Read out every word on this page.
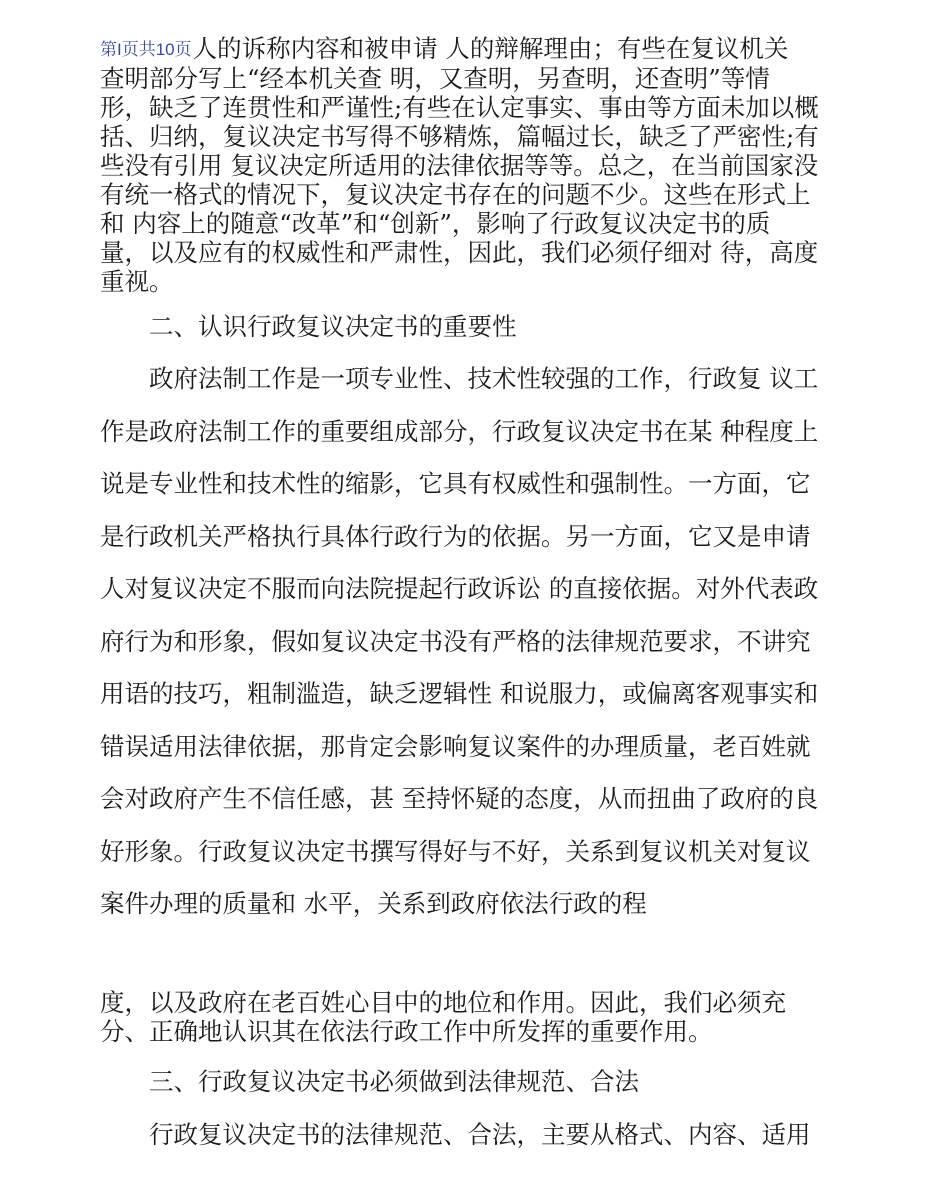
第I页共10页人的诉称内容和被申请 人的辩解理由；有些在复议机关
查明部分写上“经本机关查 明，又查明，另查明，还查明”等情
形，缺乏了连贯性和严谨性;有些在认定事实、事由等方面未加以概
括、归纳，复议决定书写得不够精炼，篇幅过长，缺乏了严密性;有
些没有引用 复议决定所适用的法律依据等等。总之，在当前国家没
有统一格式的情况下，复议决定书存在的问题不少。这些在形式上
和 内容上的随意“改革”和“创新”，影响了行政复议决定书的质
量，以及应有的权威性和严肃性，因此，我们必须仔细对 待，高度
重视。
二、认识行政复议决定书的重要性
政府法制工作是一项专业性、技术性较强的工作，行政复 议工
作是政府法制工作的重要组成部分，行政复议决定书在某 种程度上
说是专业性和技术性的缩影，它具有权威性和强制性。一方面，它
是行政机关严格执行具体行政行为的依据。另一方面，它又是申请
人对复议决定不服而向法院提起行政诉讼 的直接依据。对外代表政
府行为和形象，假如复议决定书没有严格的法律规范要求，不讲究
用语的技巧，粗制滥造，缺乏逻辑性 和说服力，或偏离客观事实和
错误适用法律依据，那肯定会影响复议案件的办理质量，老百姓就
会对政府产生不信任感，甚 至持怀疑的态度，从而扭曲了政府的良
好形象。行政复议决定书撰写得好与不好，关系到复议机关对复议
案件办理的质量和 水平，关系到政府依法行政的程
度，以及政府在老百姓心目中的地位和作用。因此，我们必须充
分、正确地认识其在依法行政工作中所发挥的重要作用。
三、行政复议决定书必须做到法律规范、合法
行政复议决定书的法律规范、合法，主要从格式、内容、适用
